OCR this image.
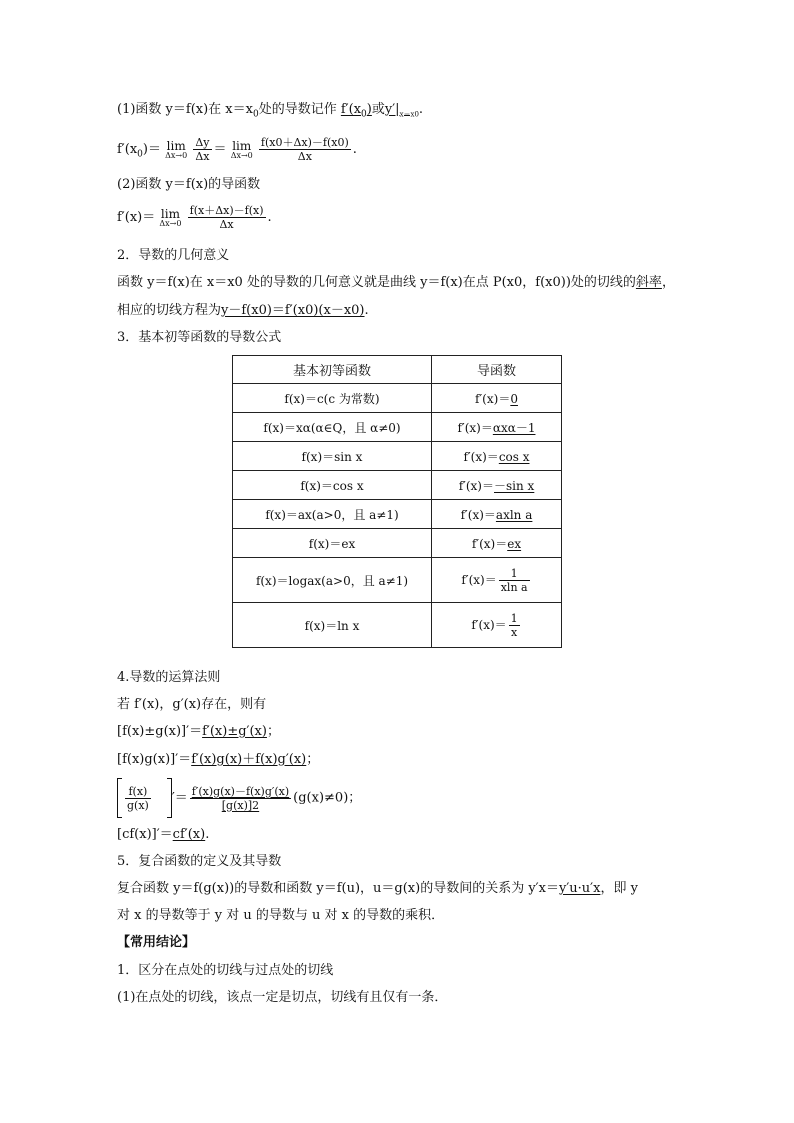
(1)函数 y＝f(x)在 $x=x_0$处的导数记作 $f'(x_0)$或$y'|_{x=x0}$.
$f'(x_0)= \lim$
Δx→0
$\frac{\Delta y}{\Delta x} = \lim$
Δx→0
$\frac{f(x0+\Delta x)-f(x0)}{\Delta x}$ .
(2)函数 y＝f(x)的导函数
f′(x)＝ lim
Δx→0
$\frac{f(x+\Delta x)-f(x)}{\Delta x}$ .
2．导数的几何意义
函数 y＝f(x)在 x＝x0 处的导数的几何意义就是曲线 y＝f(x)在点 P(x0，f(x0))处的切线的斜率，
相应的切线方程为y－f(x0)＝f′(x0)(x－x0).
3．基本初等函数的导数公式
基本初等函数	导函数
f(x)＝c(c 为常数)	f′(x)＝0
f(x)＝xα(α∈Q，且 α≠0)	f′(x)＝αxα－1
f(x)＝sin x	f′(x)＝cos x
f(x)＝cos x	f′(x)＝－sin x
f(x)＝ax(a>0，且 a≠1)	f′(x)＝axln a
f(x)＝ex	f′(x)＝ex
f(x)＝logax(a>0，且 a≠1)	$f'(x)= \frac{1}{\text{xln a}}$

f(x)＝ln x	$f'(x)= \frac{1}{x}$
4.导数的运算法则
若 f′(x)，g′(x)存在，则有
[f(x)±g(x)]′＝f′(x)±g′(x)；
[f(x)g(x)]′＝f′(x)g(x)＋f(x)g′(x)；
$\frac{f(x)}{g(x)}$ ′＝ $\frac{f'(x)g(x)-f(x)g'(x)}{[g(x)]2} (g(x)\ne 0)$；
[cf(x)]′＝cf′(x).
5．复合函数的定义及其导数
复合函数 y＝f(g(x))的导数和函数 y＝f(u)，u＝g(x)的导数间的关系为 y′x＝y′u·u′x，即 y
对 x 的导数等于 y 对 u 的导数与 u 对 x 的导数的乘积．
【常用结论】
1．区分在点处的切线与过点处的切线
(1)在点处的切线，该点一定是切点，切线有且仅有一条．
